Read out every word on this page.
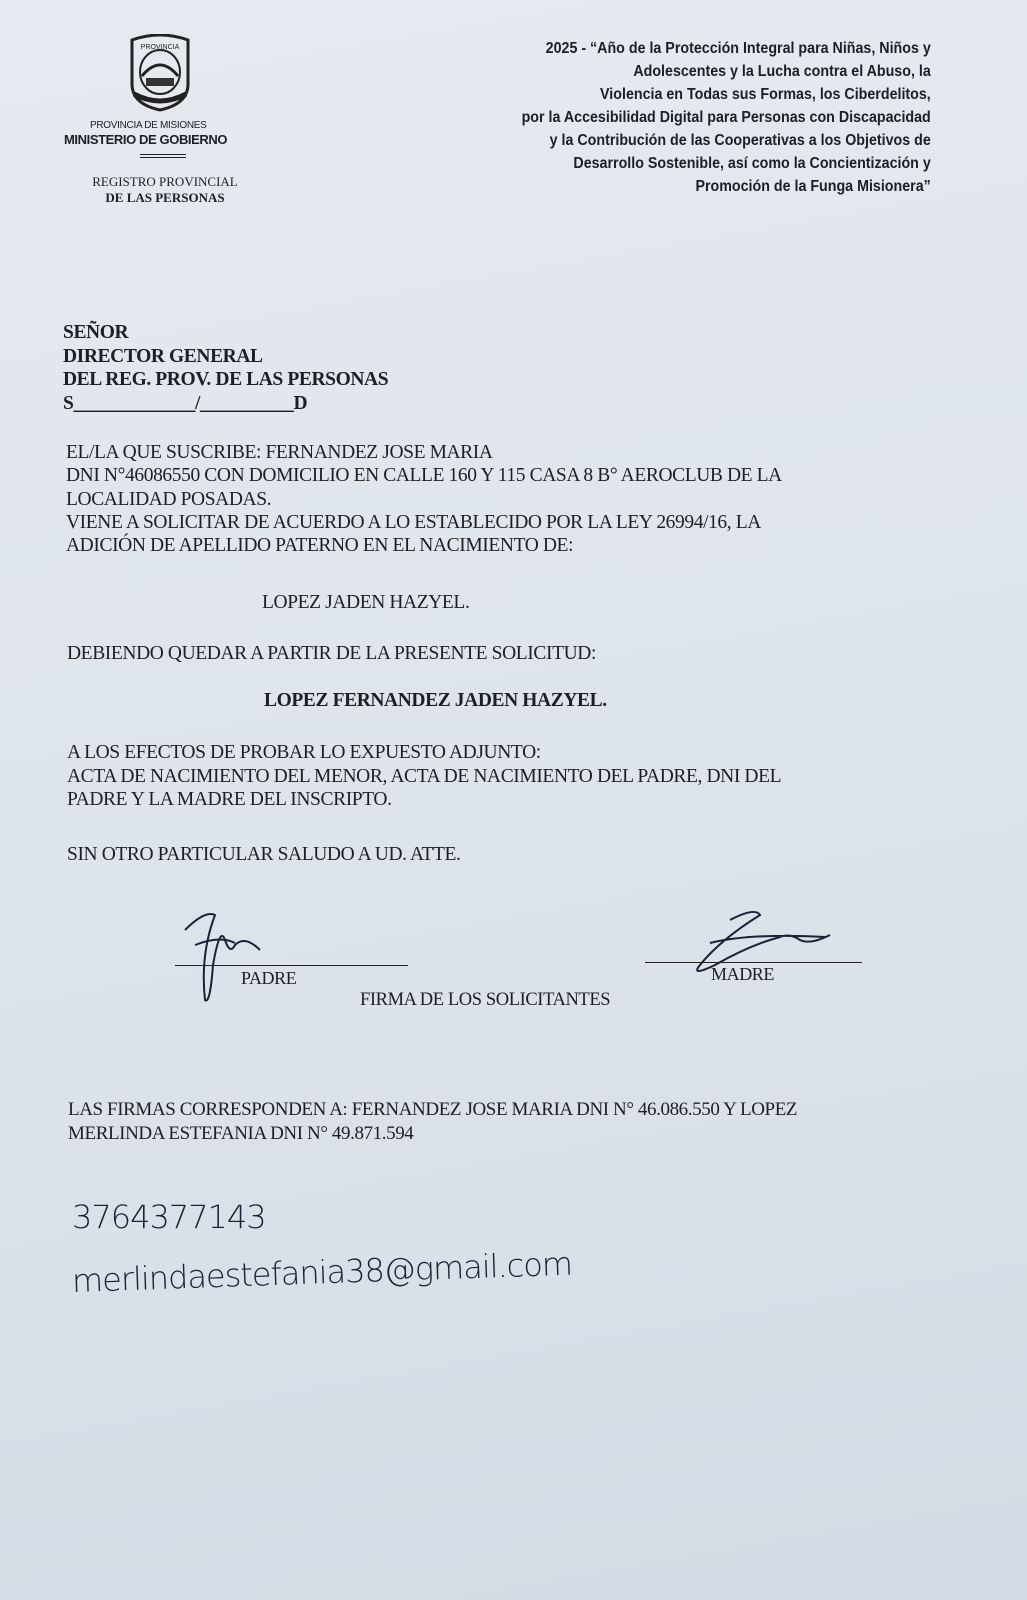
PROVINCIA
PROVINCIA DE MISIONES
MINISTERIO DE GOBIERNO
REGISTRO PROVINCIAL
DE LAS PERSONAS
2025 - “Año de la Protección Integral para Niñas, Niños y
Adolescentes y la Lucha contra el Abuso, la
Violencia en Todas sus Formas, los Ciberdelitos,
por la Accesibilidad Digital para Personas con Discapacidad
y la Contribución de las Cooperativas a los Objetivos de
Desarrollo Sostenible, así como la Concientización y
Promoción de la Funga Misionera”
SEÑOR
DIRECTOR GENERAL
DEL REG. PROV. DE LAS PERSONAS
S_____________/__________D
EL/LA QUE SUSCRIBE: FERNANDEZ JOSE MARIA
DNI N°46086550 CON DOMICILIO EN CALLE 160 Y 115 CASA 8 B° AEROCLUB DE LA
LOCALIDAD POSADAS.
VIENE A SOLICITAR DE ACUERDO A LO ESTABLECIDO POR LA LEY 26994/16, LA
ADICIÓN DE APELLIDO PATERNO EN EL NACIMIENTO DE:
LOPEZ JADEN HAZYEL.
DEBIENDO QUEDAR A PARTIR DE LA PRESENTE SOLICITUD:
LOPEZ FERNANDEZ JADEN HAZYEL.
A LOS EFECTOS DE PROBAR LO EXPUESTO ADJUNTO:
ACTA DE NACIMIENTO DEL MENOR, ACTA DE NACIMIENTO DEL PADRE, DNI DEL
PADRE Y LA MADRE DEL INSCRIPTO.
SIN OTRO PARTICULAR SALUDO A UD. ATTE.
PADRE	MADRE
FIRMA DE LOS SOLICITANTES
LAS FIRMAS CORRESPONDEN A: FERNANDEZ JOSE MARIA DNI N° 46.086.550 Y LOPEZ
MERLINDA ESTEFANIA DNI N° 49.871.594
3764377143
merlindaestefania38@gmail.com
